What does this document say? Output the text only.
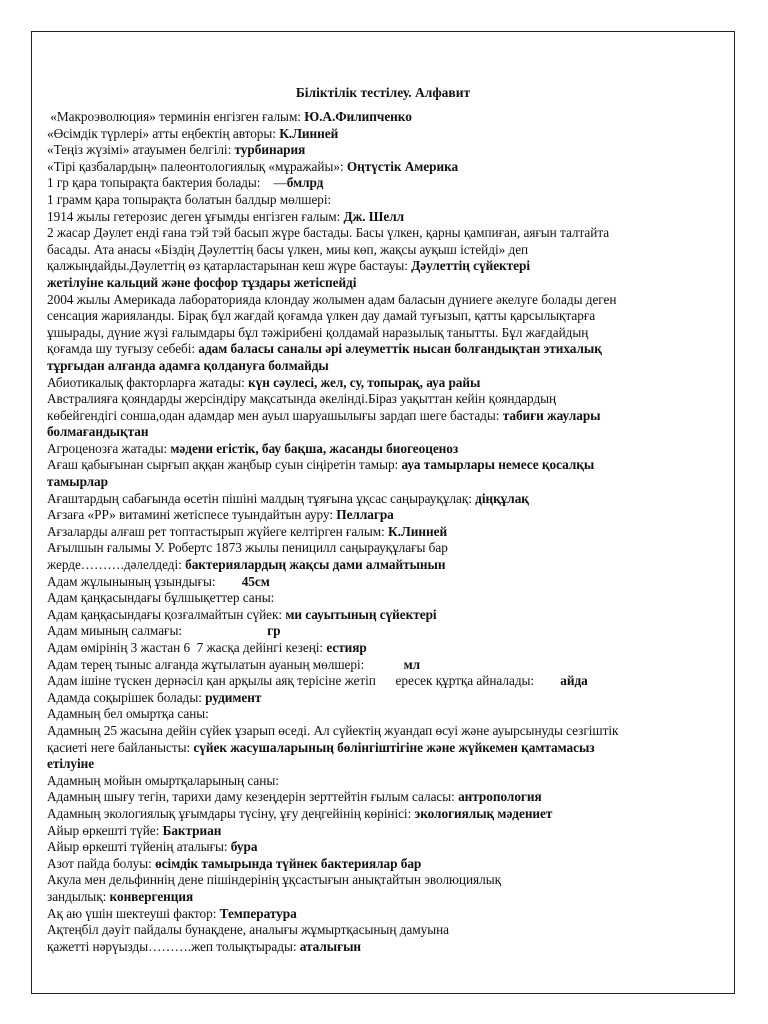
Біліктілік тестілеу. Алфавит
«Макроэволюция» терминін енгізген ғалым: Ю.А.Филипченко
«Өсімдік түрлері» атты еңбектің авторы: К.Линней
«Теңіз жүзімі» атауымен белгілі: турбинария
«Тірі қазбалардың» палеонтологиялық «мұражайы»: Оңтүстік Америка
1 гр қара топырақта бактерия болады:    —бмлрд
1 грамм қара топырақта болатын балдыр мөлшері:
1914 жылы гетерозис деген ұғымды енгізген ғалым: Дж. Шелл
2 жасар Дәулет енді ғана тэй тэй басып жүре бастады. Басы үлкен, қарны қампиған, аяғын талтайта
басады. Ата анасы «Біздің Дәулеттің басы үлкен, миы көп, жақсы ауқыш істейді» деп
қалжыңдайды.Дәулеттің өз қатарластарынан кеш жүре бастауы: Дәулеттің сүйектері
жетілуіне кальций және фосфор тұздары жетіспейді
2004 жылы Америкада лабораторияда клондау жолымен адам баласын дүниеге әкелуге болады деген
сенсация жарияланды. Бірақ бұл жағдай қоғамда үлкен дау дамай туғызып, қатты қарсылықтарға
ұшырады, дүниe жүзі ғалымдары бұл тәжірибені қолдамай наразылық танытты. Бұл жағдайдың
қоғамда шу туғызу себебі: адам баласы саналы әрі әлеуметтік нысан болғандықтан этихалық
тұрғыдан алғанда адамға қолдануға болмайды
Абиотикалық факторларға жатады: күн сәулесі, жел, су, топырақ, ауа райы
Австралияға қояндарды жерсіндіру мақсатында әкелінді.Біраз уақыттан кейін қояндардың
көбейгендігі соншa,одан адамдар мен ауыл шаруашылығы зардап шеге бастады: табиғи жаулары
болмағандықтан
Агроценозға жатады: мәдени егістік, бау бақша, жасанды биогеоценоз
Ағаш қабығынан сырғып аққан жаңбыр суын сіңіретін тамыр: ауа тамырлары немесе қосалқы
тамырлар
Ағаштардың сабағында өсетін пішіні малдың тұяғына ұқсас саңырауқұлақ: діңқұлақ
Ағзаға «РР» витамині жетіспесе туындайтын ауру: Пеллагра
Ағзаларды алғаш рет топтастырып жүйеге келтірген ғалым: К.Линней
Ағылшын ғалымы У. Робертс 1873 жылы пеницилл саңырауқұлағы бар
жерде……….дәлелдеді: бактериялардың жақсы дами алмайтынын
Адам жұлынының ұзындығы:        45см
Адам қаңқасындағы бұлшықеттер саны:
Адам қаңқасындағы қозғалмайтын сүйек: ми сауытының сүйектері
Адам миының салмағы:                          гр
Адам өмірінің 3 жастан 6  7 жасқа дейінгі кезеңі: естияр
Адам терең тыныс алғанда жұтылатын ауаның мөлшері:            мл
Адам ішіне түскен дернәсіл қан арқылы аяқ терісіне жетіп      ересек құртқа айналады:        айда
Адамда соқырішек болады: рудимент
Адамның бел омыртқа саны:
Адамның 25 жасына дейін сүйек ұзарып өседі. Ал сүйектің жуандап өсуі және ауырсынуды сезгіштік
қасиеті неге байланысты: сүйек жасушаларының бөлінгіштігіне және жүйкемен қамтамасыз
етілуіне
Адамның мойын омыртқаларының саны:
Адамның шығу тегін, тарихи даму кезеңдерін зерттейтін ғылым саласы: антропология
Адамның экологиялық ұғымдары түсіну, ұғу деңгейінің көрінісі: экологиялық мәдениет
Айыр өркешті түйе: Бактриан
Айыр өркешті түйенің аталығы: бура
Азот пайда болуы: өсімдік тамырында түйнек бактериялар бар
Акула мен дельфиннің дене пішіндерінің ұқсастығын анықтайтын эволюциялық
зандылық: конвергенция
Ақ аю үшін шектеуші фактор: Температура
Ақтеңбіл дәуіт пайдалы бунақдене, аналығы жұмыртқасының дамуына
қажетті нәрүызды……….жеп толықтырады: аталығын
